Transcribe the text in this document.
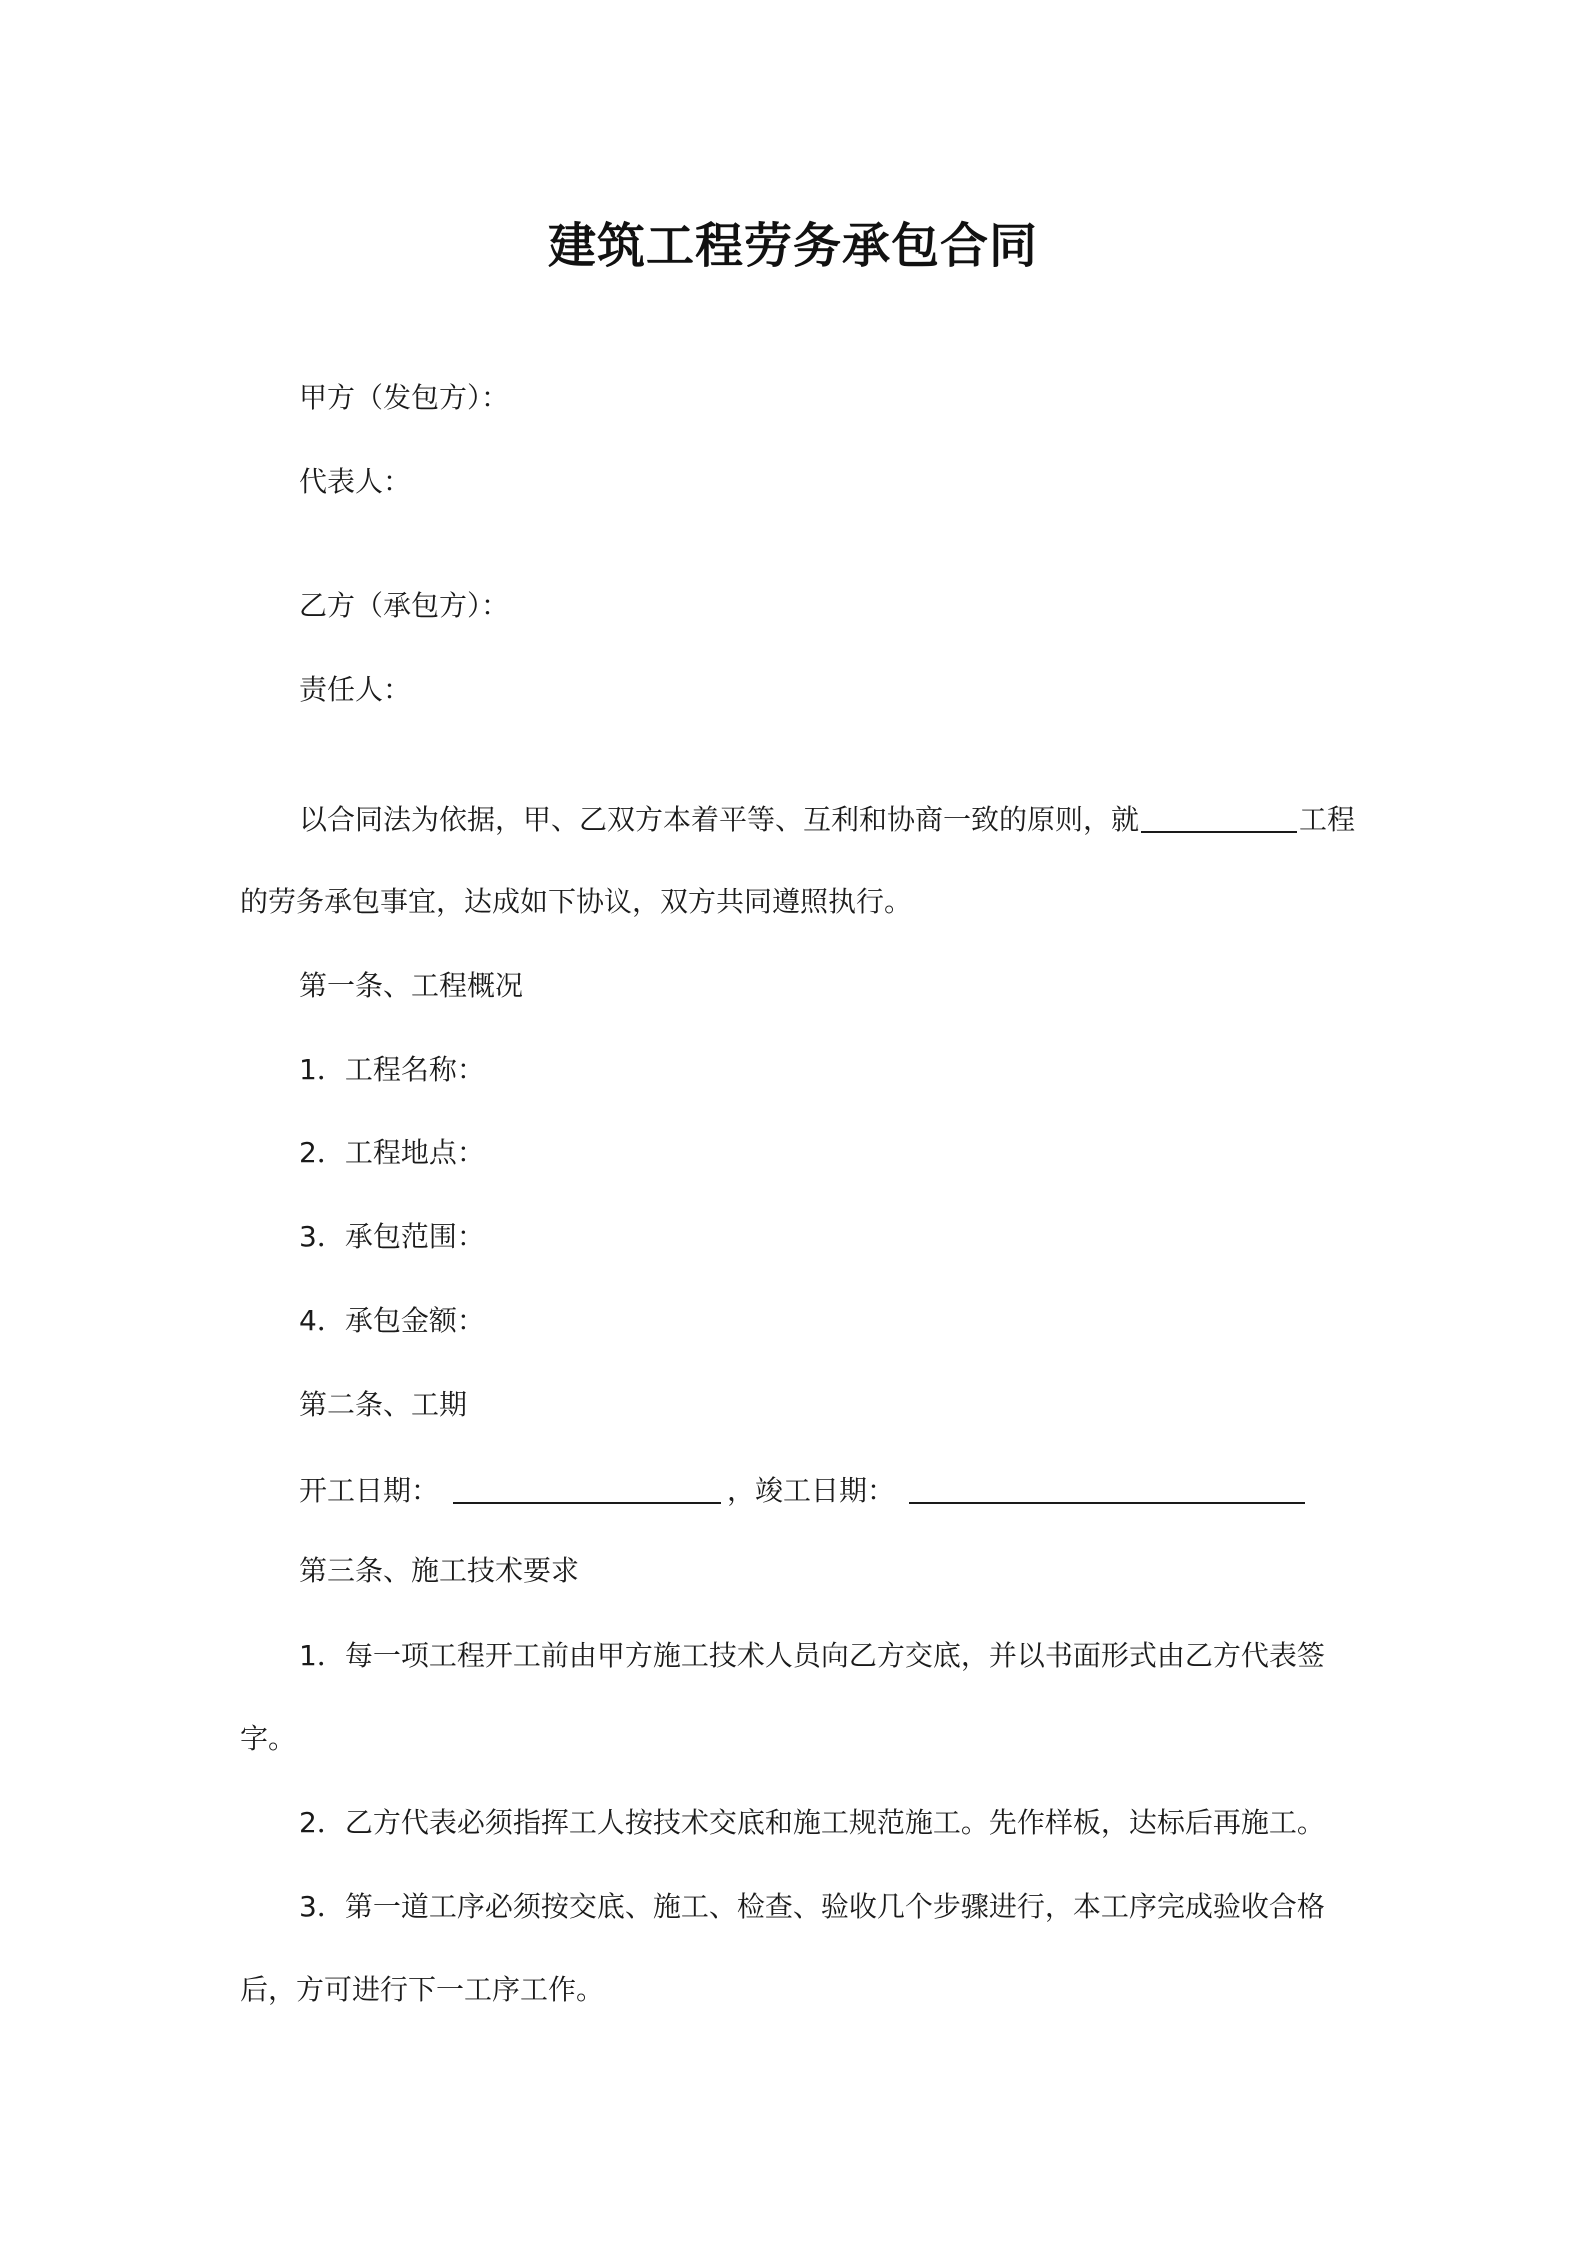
建筑工程劳务承包合同
甲方（发包方）：
代表人：
乙方（承包方）：
责任人：
以合同法为依据，甲、乙双方本着平等、互利和协商一致的原则，就	工程
的劳务承包事宜，达成如下协议，双方共同遵照执行。
第一条、工程概况
1．工程名称：
2．工程地点：
3．承包范围：
4．承包金额：
第二条、工期
开工日期：	，竣工日期：
第三条、施工技术要求
1．每一项工程开工前由甲方施工技术人员向乙方交底，并以书面形式由乙方代表签
字。
2．乙方代表必须指挥工人按技术交底和施工规范施工。先作样板，达标后再施工。
3．第一道工序必须按交底、施工、检查、验收几个步骤进行，本工序完成验收合格
后，方可进行下一工序工作。
